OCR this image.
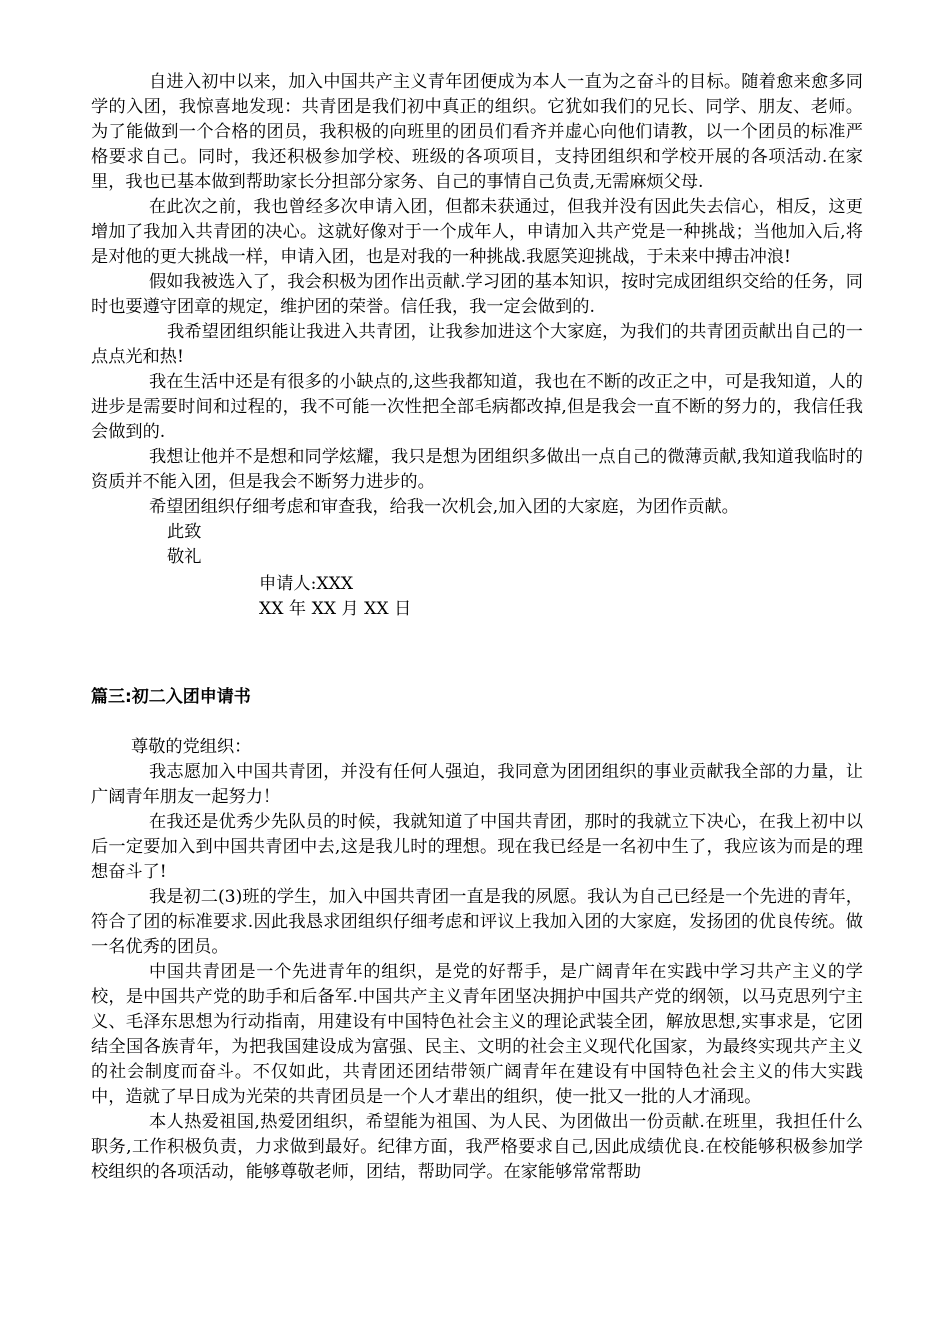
自进入初中以来，加入中国共产主义青年团便成为本人一直为之奋斗的目标。随着愈来愈多同学的入团，我惊喜地发现：共青团是我们初中真正的组织。它犹如我们的兄长、同学、朋友、老师。为了能做到一个合格的团员，我积极的向班里的团员们看齐并虚心向他们请教，以一个团员的标准严格要求自己。同时，我还积极参加学校、班级的各项项目，支持团组织和学校开展的各项活动.在家里，我也已基本做到帮助家长分担部分家务、自己的事情自己负责,无需麻烦父母.

在此次之前，我也曾经多次申请入团，但都未获通过，但我并没有因此失去信心，相反，这更增加了我加入共青团的决心。这就好像对于一个成年人，申请加入共产党是一种挑战；当他加入后,将是对他的更大挑战一样，申请入团，也是对我的一种挑战.我愿笑迎挑战，于未来中搏击冲浪!

假如我被选入了，我会积极为团作出贡献.学习团的基本知识，按时完成团组织交给的任务，同时也要遵守团章的规定，维护团的荣誉。信任我，我一定会做到的.

我希望团组织能让我进入共青团，让我参加进这个大家庭，为我们的共青团贡献出自己的一点点光和热!

我在生活中还是有很多的小缺点的,这些我都知道，我也在不断的改正之中，可是我知道，人的进步是需要时间和过程的，我不可能一次性把全部毛病都改掉,但是我会一直不断的努力的，我信任我会做到的.

我想让他并不是想和同学炫耀，我只是想为团组织多做出一点自己的微薄贡献,我知道我临时的资质并不能入团，但是我会不断努力进步的。

希望团组织仔细考虑和审查我，给我一次机会,加入团的大家庭，为团作贡献。

此致

敬礼

申请人:XXX

XX 年 XX 月 XX 日

篇三:初二入团申请书

尊敬的党组织：

我志愿加入中国共青团，并没有任何人强迫，我同意为团团组织的事业贡献我全部的力量，让广阔青年朋友一起努力！

在我还是优秀少先队员的时候，我就知道了中国共青团，那时的我就立下决心，在我上初中以后一定要加入到中国共青团中去,这是我儿时的理想。现在我已经是一名初中生了，我应该为而是的理想奋斗了!

我是初二(3)班的学生，加入中国共青团一直是我的夙愿。我认为自己已经是一个先进的青年，符合了团的标准要求.因此我恳求团组织仔细考虑和评议上我加入团的大家庭，发扬团的优良传统。做一名优秀的团员。

中国共青团是一个先进青年的组织，是党的好帮手，是广阔青年在实践中学习共产主义的学校，是中国共产党的助手和后备军.中国共产主义青年团坚决拥护中国共产党的纲领，以马克思列宁主义、毛泽东思想为行动指南，用建设有中国特色社会主义的理论武装全团，解放思想,实事求是，它团结全国各族青年，为把我国建设成为富强、民主、文明的社会主义现代化国家，为最终实现共产主义的社会制度而奋斗。不仅如此，共青团还团结带领广阔青年在建设有中国特色社会主义的伟大实践中，造就了早日成为光荣的共青团员是一个人才辈出的组织，使一批又一批的人才涌现。

本人热爱祖国,热爱团组织，希望能为祖国、为人民、为团做出一份贡献.在班里，我担任什么职务,工作积极负责，力求做到最好。纪律方面，我严格要求自己,因此成绩优良.在校能够积极参加学校组织的各项活动，能够尊敬老师，团结，帮助同学。在家能够常常帮助
